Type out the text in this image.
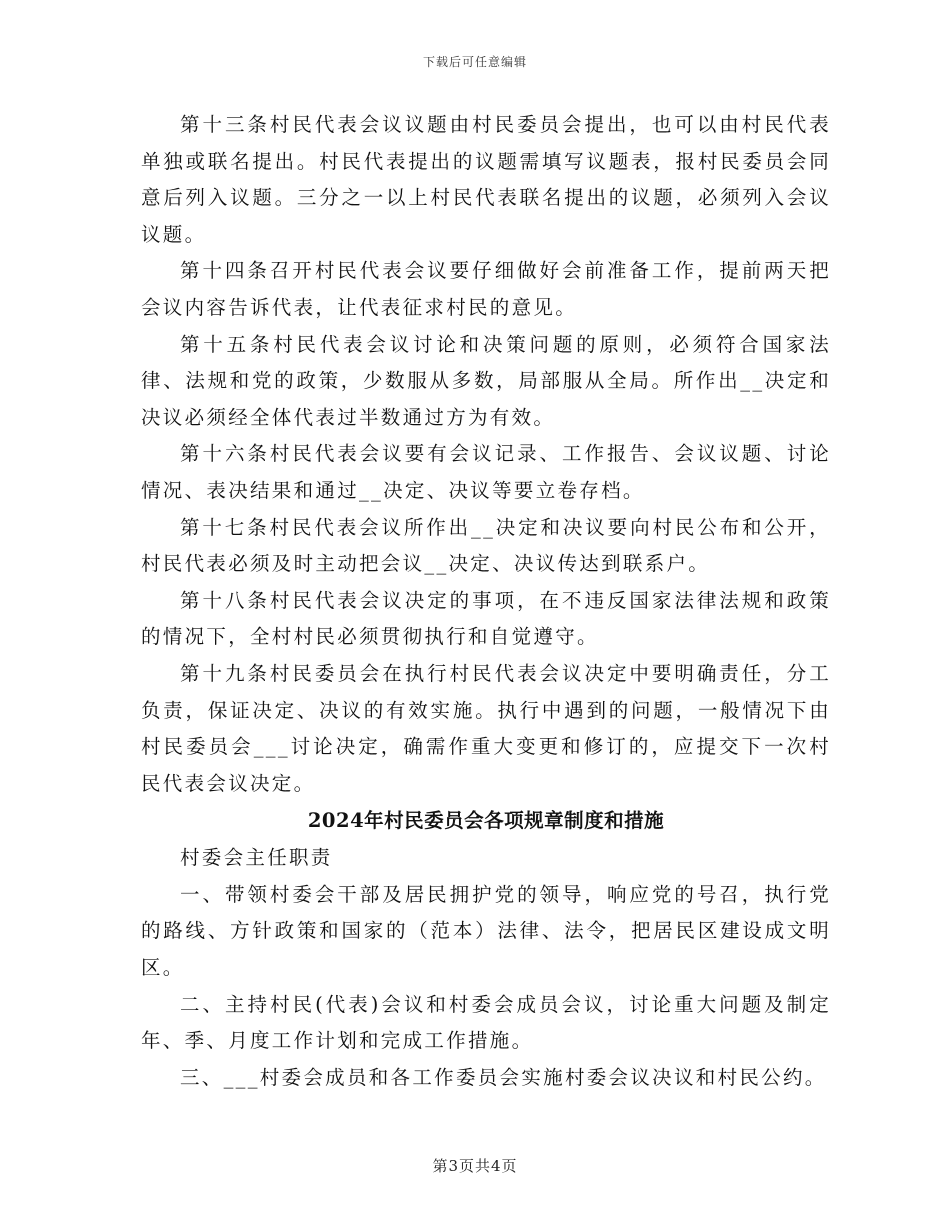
下载后可任意编辑

第十三条村民代表会议议题由村民委员会提出，也可以由村民代表单独或联名提出。村民代表提出的议题需填写议题表，报村民委员会同意后列入议题。三分之一以上村民代表联名提出的议题，必须列入会议议题。

第十四条召开村民代表会议要仔细做好会前准备工作，提前两天把会议内容告诉代表，让代表征求村民的意见。

第十五条村民代表会议讨论和决策问题的原则，必须符合国家法律、法规和党的政策，少数服从多数，局部服从全局。所作出__决定和决议必须经全体代表过半数通过方为有效。

第十六条村民代表会议要有会议记录、工作报告、会议议题、讨论情况、表决结果和通过__决定、决议等要立卷存档。

第十七条村民代表会议所作出__决定和决议要向村民公布和公开，村民代表必须及时主动把会议__决定、决议传达到联系户。

第十八条村民代表会议决定的事项，在不违反国家法律法规和政策的情况下，全村村民必须贯彻执行和自觉遵守。

第十九条村民委员会在执行村民代表会议决定中要明确责任，分工负责，保证决定、决议的有效实施。执行中遇到的问题，一般情况下由村民委员会___讨论决定，确需作重大变更和修订的，应提交下一次村民代表会议决定。

2024年村民委员会各项规章制度和措施

村委会主任职责

一、带领村委会干部及居民拥护党的领导，响应党的号召，执行党的路线、方针政策和国家的（范本）法律、法令，把居民区建设成文明区。

二、主持村民(代表)会议和村委会成员会议，讨论重大问题及制定年、季、月度工作计划和完成工作措施。

三、___村委会成员和各工作委员会实施村委会议决议和村民公约。

第3页共4页
